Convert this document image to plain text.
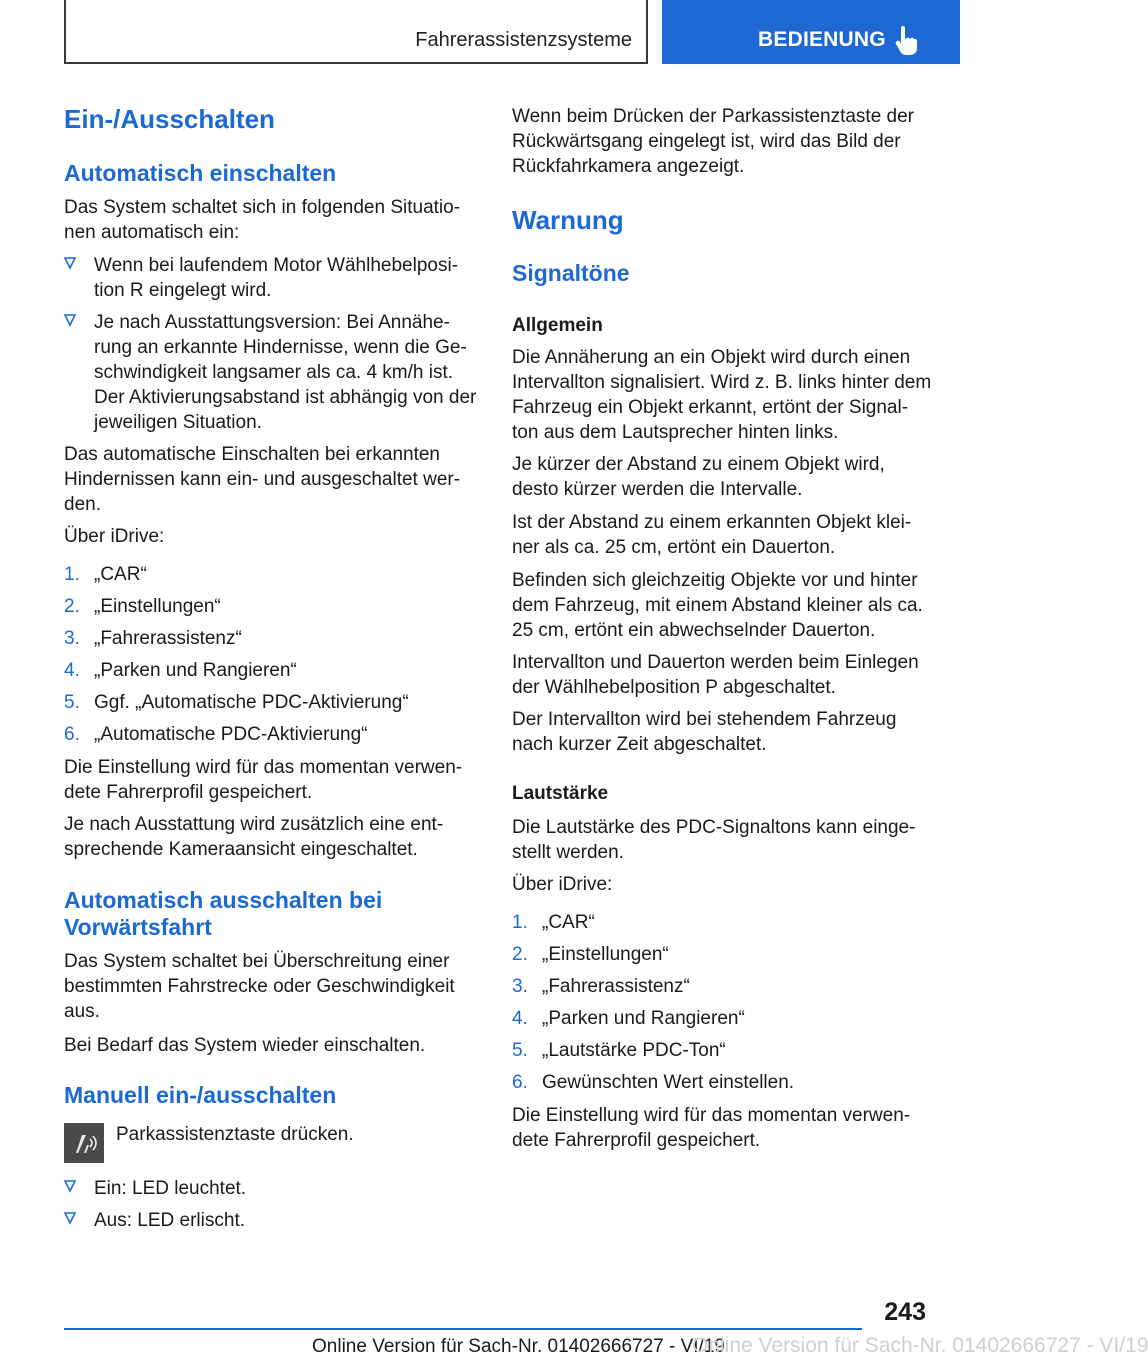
Fahrerassistenzsysteme	BEDIENUNG
Ein-/Ausschalten
Automatisch einschalten
Das System schaltet sich in folgenden Situatio-
nen automatisch ein:
Wenn bei laufendem Motor Wählhebelposi-
tion R eingelegt wird.
Je nach Ausstattungsversion: Bei Annähe-
rung an erkannte Hindernisse, wenn die Ge-
schwindigkeit langsamer als ca. 4 km/h ist.
Der Aktivierungsabstand ist abhängig von der
jeweiligen Situation.
Das automatische Einschalten bei erkannten
Hindernissen kann ein- und ausgeschaltet wer-
den.
Über iDrive:
1. „CAR“
2. „Einstellungen“
3. „Fahrerassistenz“
4. „Parken und Rangieren“
5. Ggf. „Automatische PDC-Aktivierung“
6. „Automatische PDC-Aktivierung“
Die Einstellung wird für das momentan verwen-
dete Fahrerprofil gespeichert.
Je nach Ausstattung wird zusätzlich eine ent-
sprechende Kameraansicht eingeschaltet.
Automatisch ausschalten bei
Vorwärtsfahrt
Das System schaltet bei Überschreitung einer
bestimmten Fahrstrecke oder Geschwindigkeit
aus.
Bei Bedarf das System wieder einschalten.
Manuell ein-/ausschalten
Parkassistenztaste drücken.
Ein: LED leuchtet.
Aus: LED erlischt.
Wenn beim Drücken der Parkassistenztaste der
Rückwärtsgang eingelegt ist, wird das Bild der
Rückfahrkamera angezeigt.
Warnung
Signaltöne
Allgemein
Die Annäherung an ein Objekt wird durch einen
Intervallton signalisiert. Wird z. B. links hinter dem
Fahrzeug ein Objekt erkannt, ertönt der Signal-
ton aus dem Lautsprecher hinten links.
Je kürzer der Abstand zu einem Objekt wird,
desto kürzer werden die Intervalle.
Ist der Abstand zu einem erkannten Objekt klei-
ner als ca. 25 cm, ertönt ein Dauerton.
Befinden sich gleichzeitig Objekte vor und hinter
dem Fahrzeug, mit einem Abstand kleiner als ca.
25 cm, ertönt ein abwechselnder Dauerton.
Intervallton und Dauerton werden beim Einlegen
der Wählhebelposition P abgeschaltet.
Der Intervallton wird bei stehendem Fahrzeug
nach kurzer Zeit abgeschaltet.
Lautstärke
Die Lautstärke des PDC-Signaltons kann einge-
stellt werden.
Über iDrive:
1. „CAR“
2. „Einstellungen“
3. „Fahrerassistenz“
4. „Parken und Rangieren“
5. „Lautstärke PDC-Ton“
6. Gewünschten Wert einstellen.
Die Einstellung wird für das momentan verwen-
dete Fahrerprofil gespeichert.
243
Online Version für Sach-Nr. 01402666727 - VI/19
Online Version für Sach-Nr. 01402666727 - VI/19
